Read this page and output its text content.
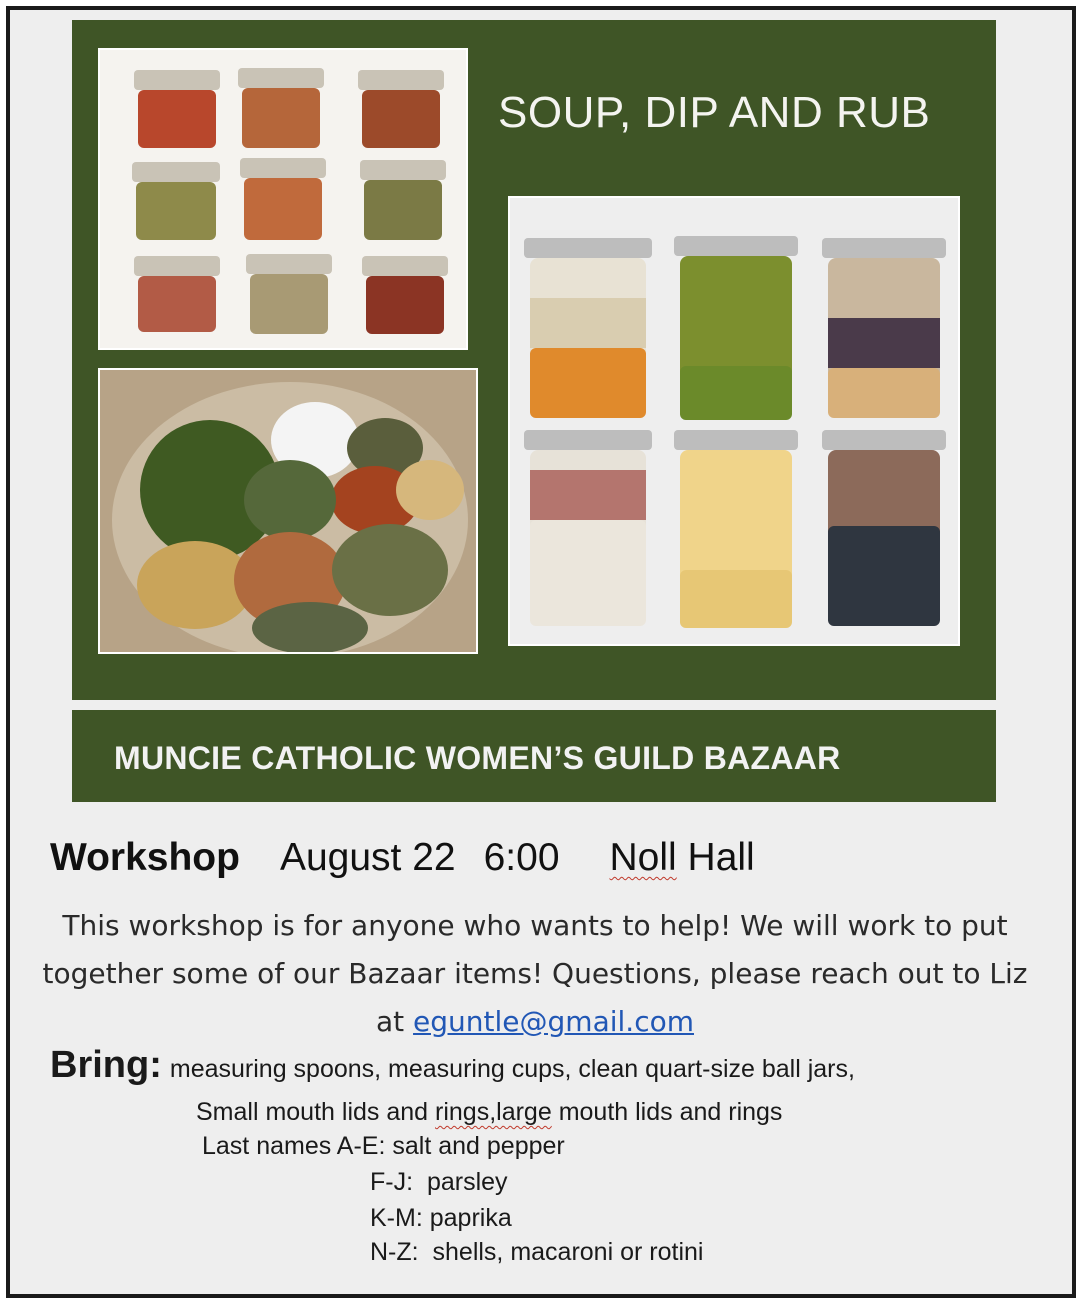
SOUP, DIP AND RUB
MUNCIE CATHOLIC WOMEN’S GUILD BAZAAR
Workshop August 22 6:00 Noll Hall
This workshop is for anyone who wants to help! We will work to put together some of our Bazaar items! Questions, please reach out to Liz at eguntle@gmail.com
Bring: measuring spoons, measuring cups, clean quart-size ball jars,
Small mouth lids and rings,large mouth lids and rings
Last names A-E: salt and pepper
F-J: parsley
K-M: paprika
N-Z: shells, macaroni or rotini
